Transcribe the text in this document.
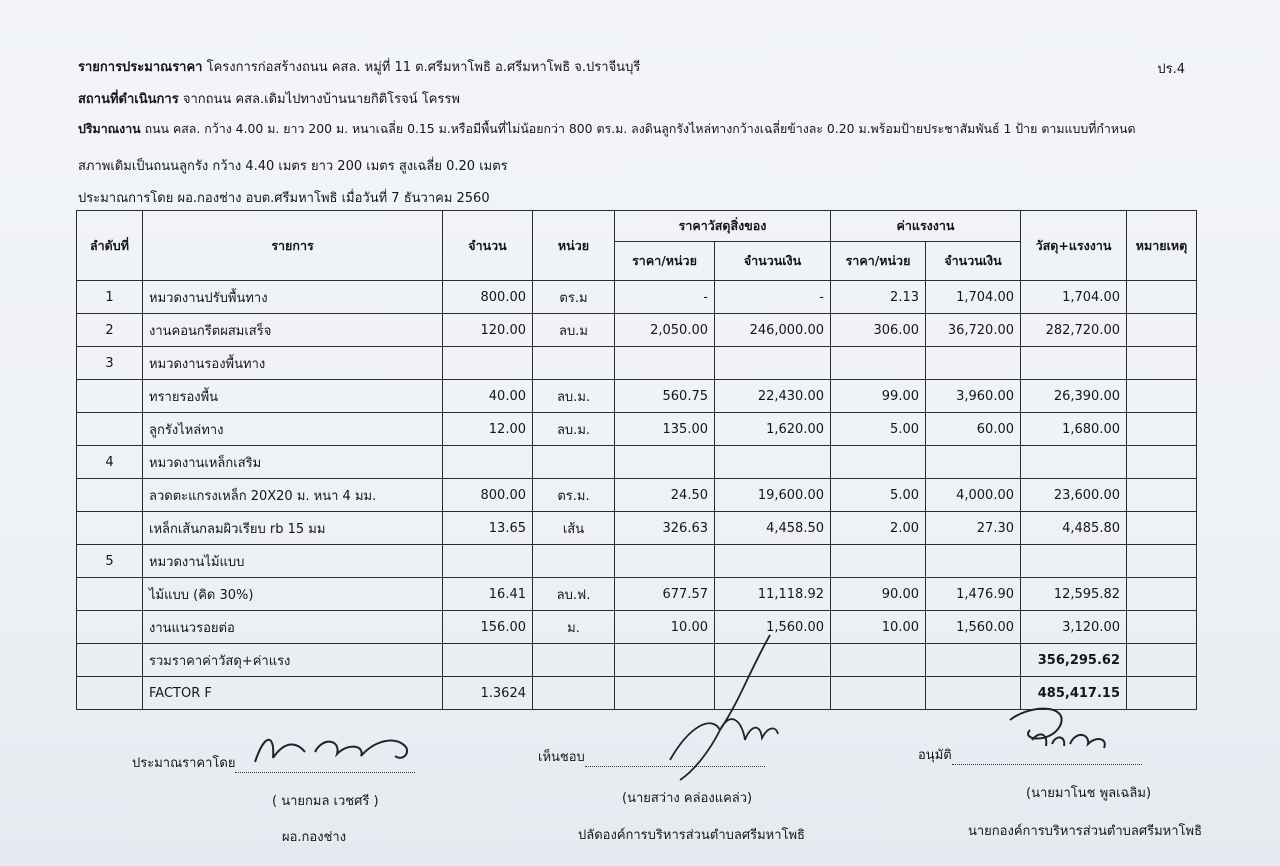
รายการประมาณราคา โครงการก่อสร้างถนน คสล. หมู่ที่ 11 ต.ศรีมหาโพธิ อ.ศรีมหาโพธิ จ.ปราจีนบุรี	ปร.4
สถานที่ดำเนินการ จากถนน คสล.เดิมไปทางบ้านนายกิติโรจน์ โครรพ
ปริมาณงาน ถนน คสล. กว้าง 4.00 ม. ยาว 200 ม. หนาเฉลี่ย 0.15 ม.หรือมีพื้นที่ไม่น้อยกว่า 800 ตร.ม. ลงดินลูกรังไหล่ทางกว้างเฉลี่ยข้างละ 0.20 ม.พร้อมป้ายประชาสัมพันธ์ 1 ป้าย ตามแบบที่กำหนด
สภาพเดิมเป็นถนนลูกรัง กว้าง 4.40 เมตร ยาว 200 เมตร สูงเฉลี่ย 0.20 เมตร
ประมาณการโดย ผอ.กองช่าง อบต.ศรีมหาโพธิ เมื่อวันที่ 7 ธันวาคม 2560
ลำดับที่	รายการ	จำนวน	หน่วย	ราคาวัสดุสิ่งของ		ค่าแรงงาน		วัสดุ+แรงงาน	หมายเหตุ
				ราคา/หน่วย	จำนวนเงิน	ราคา/หน่วย	จำนวนเงิน		
1	หมวดงานปรับพื้นทาง	800.00	ตร.ม	-	-	2.13	1,704.00	1,704.00	
2	งานคอนกรีตผสมเสร็จ	120.00	ลบ.ม	2,050.00	246,000.00	306.00	36,720.00	282,720.00	
3	หมวดงานรองพื้นทาง								
	ทรายรองพื้น	40.00	ลบ.ม.	560.75	22,430.00	99.00	3,960.00	26,390.00	
	ลูกรังไหล่ทาง	12.00	ลบ.ม.	135.00	1,620.00	5.00	60.00	1,680.00	
4	หมวดงานเหล็กเสริม								
	ลวดตะแกรงเหล็ก 20X20 ม. หนา 4 มม.	800.00	ตร.ม.	24.50	19,600.00	5.00	4,000.00	23,600.00	
	เหล็กเส้นกลมผิวเรียบ rb 15 มม	13.65	เส้น	326.63	4,458.50	2.00	27.30	4,485.80	
5	หมวดงานไม้แบบ								
	ไม้แบบ (คิด 30%)	16.41	ลบ.ฟ.	677.57	11,118.92	90.00	1,476.90	12,595.82	
	งานแนวรอยต่อ	156.00	ม.	10.00	1,560.00	10.00	1,560.00	3,120.00	
	รวมราคาค่าวัสดุ+ค่าแรง							356,295.62	
	FACTOR F	1.3624						485,417.15	
ประมาณราคาโดย
( นายกมล เวชศรี )
ผอ.กองช่าง
เห็นชอบ
(นายสว่าง คล่องแคล่ว)
ปลัดองค์การบริหารส่วนตำบลศรีมหาโพธิ
อนุมัติ
(นายมาโนช พูลเฉลิม)
นายกองค์การบริหารส่วนตำบลศรีมหาโพธิ
